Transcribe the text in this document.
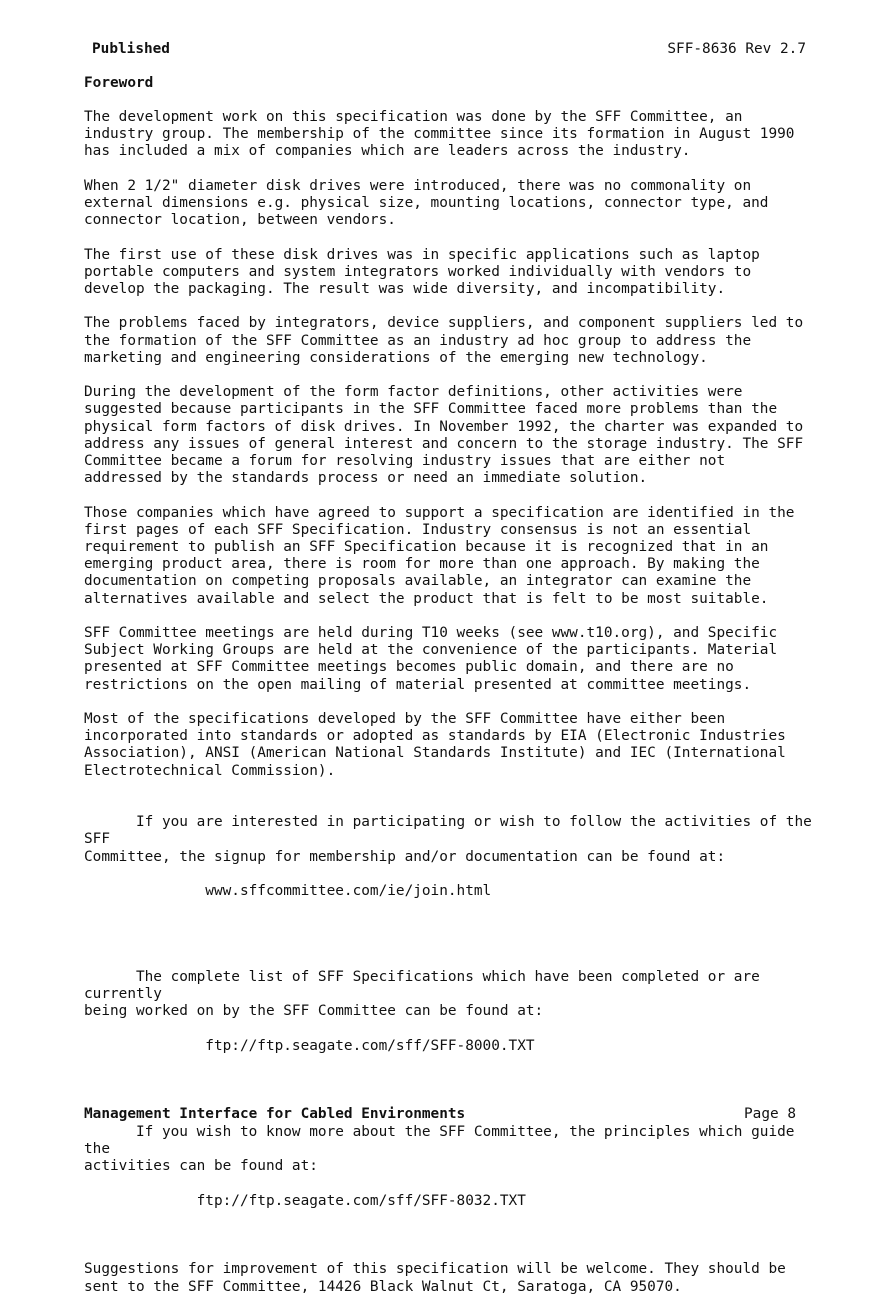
Published	SFF-8636 Rev 2.7
Foreword

The development work on this specification was done by the SFF Committee, an
industry group. The membership of the committee since its formation in August 1990
has included a mix of companies which are leaders across the industry.

When 2 1/2" diameter disk drives were introduced, there was no commonality on
external dimensions e.g. physical size, mounting locations, connector type, and
connector location, between vendors.

The first use of these disk drives was in specific applications such as laptop
portable computers and system integrators worked individually with vendors to
develop the packaging. The result was wide diversity, and incompatibility.

The problems faced by integrators, device suppliers, and component suppliers led to
the formation of the SFF Committee as an industry ad hoc group to address the
marketing and engineering considerations of the emerging new technology.

During the development of the form factor definitions, other activities were
suggested because participants in the SFF Committee faced more problems than the
physical form factors of disk drives. In November 1992, the charter was expanded to
address any issues of general interest and concern to the storage industry. The SFF
Committee became a forum for resolving industry issues that are either not
addressed by the standards process or need an immediate solution.

Those companies which have agreed to support a specification are identified in the
first pages of each SFF Specification. Industry consensus is not an essential
requirement to publish an SFF Specification because it is recognized that in an
emerging product area, there is room for more than one approach. By making the
documentation on competing proposals available, an integrator can examine the
alternatives available and select the product that is felt to be most suitable.

SFF Committee meetings are held during T10 weeks (see www.t10.org), and Specific
Subject Working Groups are held at the convenience of the participants. Material
presented at SFF Committee meetings becomes public domain, and there are no
restrictions on the open mailing of material presented at committee meetings.

Most of the specifications developed by the SFF Committee have either been
incorporated into standards or adopted as standards by EIA (Electronic Industries
Association), ANSI (American National Standards Institute) and IEC (International
Electrotechnical Commission).

If you are interested in participating or wish to follow the activities of the SFF
Committee, the signup for membership and/or documentation can be found at:

www.sffcommittee.com/ie/join.html

The complete list of SFF Specifications which have been completed or are currently
being worked on by the SFF Committee can be found at:

ftp://ftp.seagate.com/sff/SFF-8000.TXT

If you wish to know more about the SFF Committee, the principles which guide the
activities can be found at:

ftp://ftp.seagate.com/sff/SFF-8032.TXT

Suggestions for improvement of this specification will be welcome. They should be
sent to the SFF Committee, 14426 Black Walnut Ct, Saratoga, CA 95070.

Management Interface for Cabled Environments	Page 8
